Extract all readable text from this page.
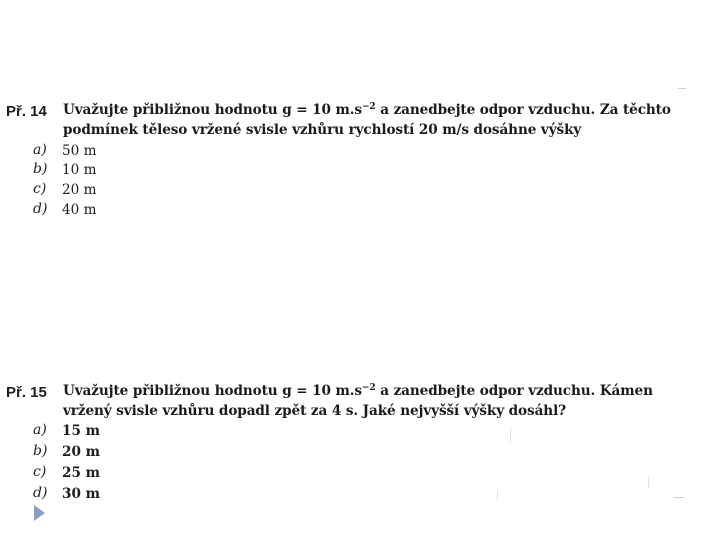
Př. 14 Uvažujte přibližnou hodnotu g = 10 $m.s^{-2}$ a zanedbejte odpor vzduchu. Za těchto podmínek těleso vržené svisle vzhůru rychlostí 20 m/s dosáhne výšky
a) 50 m
b) 10 m
c) 20 m
d) 40 m
Př. 15 Uvažujte přibližnou hodnotu g = 10 $m.s^{-2}$ a zanedbejte odpor vzduchu. Kámen vržený svisle vzhůru dopadl zpět za 4 s. Jaké nejvyšší výšky dosáhl?
a) 15 m
b) 20 m
c) 25 m
d) 30 m
